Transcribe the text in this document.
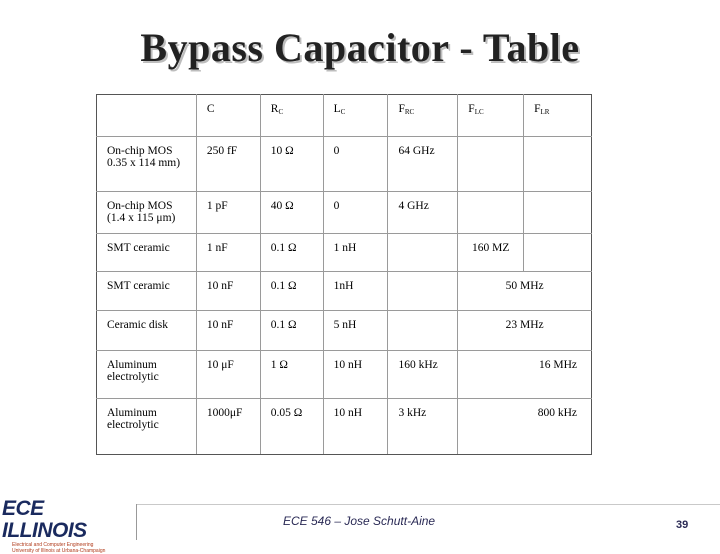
Bypass Capacitor - Table
	C	$R_C$	$L_C$	$F_{RC}$	$F_{LC}$	$F_{LR}$
On-chip MOS 0.35 x 114 mm)	250 fF	10 Ω	0	64 GHz		
On-chip MOS (1.4 x 115 μm)	1 pF	40 Ω	0	4 GHz		
SMT ceramic	1 nF	0.1 Ω	1 nH		160 MZ	
SMT ceramic	10 nF	0.1 Ω	1nH		50 MHz	
Ceramic disk	10 nF	0.1 Ω	5 nH		23 MHz	
Aluminum electrolytic	10 μF	1 Ω	10 nH	160 kHz	16 MHz	
Aluminum electrolytic	1000μF	0.05 Ω	10 nH	3 kHz	800 kHz	
ECE ILLINOIS
Electrical and Computer Engineering
University of Illinois at Urbana-Champaign
ECE 546 – Jose Schutt-Aine	39
